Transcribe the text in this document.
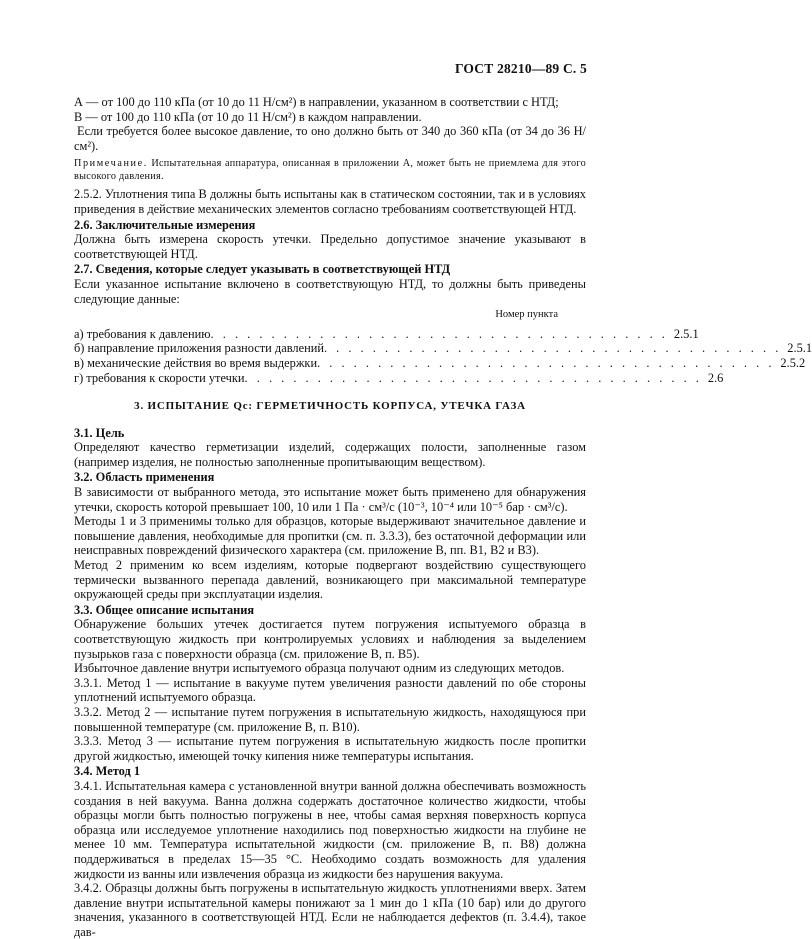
ГОСТ 28210—89 С. 5

А — от 100 до 110 кПа (от 10 до 11 Н/см²) в направлении, указанном в соответствии с НТД;

В — от 100 до 110 кПа (от 10 до 11 Н/см²) в каждом направлении.

Если требуется более высокое давление, то оно должно быть от 340 до 360 кПа (от 34 до 36 Н/см²).

Примечание. Испытательная аппаратура, описанная в приложении А, может быть не приемлема для этого высокого давления.

2.5.2. Уплотнения типа В должны быть испытаны как в статическом состоянии, так и в условиях приведения в действие механических элементов согласно требованиям соответствующей НТД.

2.6. Заключительные измерения

Должна быть измерена скорость утечки. Предельно допустимое значение указывают в соответствующей НТД.

2.7. Сведения, которые следует указывать в соответствующей НТД

Если указанное испытание включено в соответствующую НТД, то должны быть приведены следующие данные:

Номер пункта
а) требования к давлению . . . . . . . . . . . . . . . . . . . . . . . . . . . . . . . . . . . . . . 2.5.1
б) направление приложения разности давлений . . . . . . . . . . . . . . . . . . . . . . . . . . . . . . . . . . . . . . 2.5.1
в) механические действия во время выдержки . . . . . . . . . . . . . . . . . . . . . . . . . . . . . . . . . . . . . . 2.5.2
г) требования к скорости утечки . . . . . . . . . . . . . . . . . . . . . . . . . . . . . . . . . . . . . . 2.6
3. ИСПЫТАНИЕ Qc: ГЕРМЕТИЧНОСТЬ КОРПУСА, УТЕЧКА ГАЗА

3.1. Цель

Определяют качество герметизации изделий, содержащих полости, заполненные газом (например изделия, не полностью заполненные пропитывающим веществом).

3.2. Область применения

В зависимости от выбранного метода, это испытание может быть применено для обнаружения утечки, скорость которой превышает 100, 10 или 1 Па · см³/с (10⁻³, 10⁻⁴ или 10⁻⁵ бар · см³/с).

Методы 1 и 3 применимы только для образцов, которые выдерживают значительное давление и повышение давления, необходимые для пропитки (см. п. 3.3.3), без остаточной деформации или неисправных повреждений физического характера (см. приложение В, пп. В1, В2 и В3).

Метод 2 применим ко всем изделиям, которые подвергают воздействию существующего термически вызванного перепада давлений, возникающего при максимальной температуре окружающей среды при эксплуатации изделия.

3.3. Общее описание испытания

Обнаружение больших утечек достигается путем погружения испытуемого образца в соответствующую жидкость при контролируемых условиях и наблюдения за выделением пузырьков газа с поверхности образца (см. приложение В, п. В5).

Избыточное давление внутри испытуемого образца получают одним из следующих методов.

3.3.1. Метод 1 — испытание в вакууме путем увеличения разности давлений по обе стороны уплотнений испытуемого образца.

3.3.2. Метод 2 — испытание путем погружения в испытательную жидкость, находящуюся при повышенной температуре (см. приложение В, п. В10).

3.3.3. Метод 3 — испытание путем погружения в испытательную жидкость после пропитки другой жидкостью, имеющей точку кипения ниже температуры испытания.

3.4. Метод 1

3.4.1. Испытательная камера с установленной внутри ванной должна обеспечивать возможность создания в ней вакуума. Ванна должна содержать достаточное количество жидкости, чтобы образцы могли быть полностью погружены в нее, чтобы самая верхняя поверхность корпуса образца или исследуемое уплотнение находились под поверхностью жидкости на глубине не менее 10 мм. Температура испытательной жидкости (см. приложение В, п. В8) должна поддерживаться в пределах 15—35 °С. Необходимо создать возможность для удаления жидкости из ванны или извлечения образца из жидкости без нарушения вакуума.

3.4.2. Образцы должны быть погружены в испытательную жидкость уплотнениями вверх. Затем давление внутри испытательной камеры понижают за 1 мин до 1 кПа (10 бар) или до другого значения, указанного в соответствующей НТД. Если не наблюдается дефектов (п. 3.4.4), такое дав-
